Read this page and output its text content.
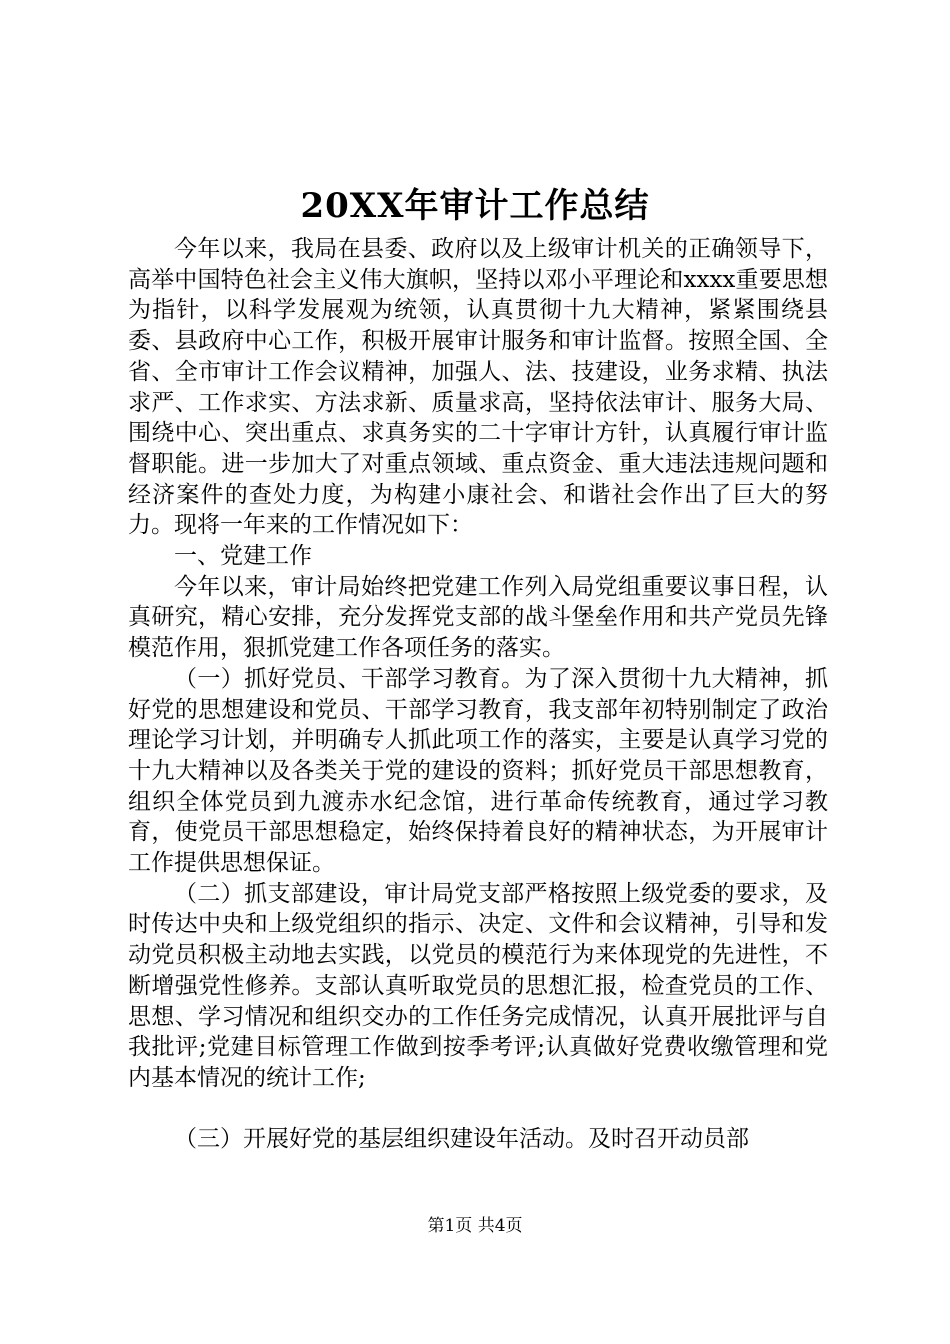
20XX年审计工作总结

今年以来，我局在县委、政府以及上级审计机关的正确领导下，高举中国特色社会主义伟大旗帜，坚持以邓小平理论和xxxx重要思想为指针，以科学发展观为统领，认真贯彻十九大精神，紧紧围绕县委、县政府中心工作，积极开展审计服务和审计监督。按照全国、全省、全市审计工作会议精神，加强人、法、技建设，业务求精、执法求严、工作求实、方法求新、质量求高，坚持依法审计、服务大局、围绕中心、突出重点、求真务实的二十字审计方针，认真履行审计监督职能。进一步加大了对重点领域、重点资金、重大违法违规问题和经济案件的查处力度，为构建小康社会、和谐社会作出了巨大的努力。现将一年来的工作情况如下：

一、党建工作

今年以来，审计局始终把党建工作列入局党组重要议事日程，认真研究，精心安排，充分发挥党支部的战斗堡垒作用和共产党员先锋模范作用，狠抓党建工作各项任务的落实。

（一）抓好党员、干部学习教育。为了深入贯彻十九大精神，抓好党的思想建设和党员、干部学习教育，我支部年初特别制定了政治理论学习计划，并明确专人抓此项工作的落实，主要是认真学习党的十九大精神以及各类关于党的建设的资料；抓好党员干部思想教育，组织全体党员到九渡赤水纪念馆，进行革命传统教育，通过学习教育，使党员干部思想稳定，始终保持着良好的精神状态，为开展审计工作提供思想保证。

（二）抓支部建设，审计局党支部严格按照上级党委的要求，及时传达中央和上级党组织的指示、决定、文件和会议精神，引导和发动党员积极主动地去实践，以党员的模范行为来体现党的先进性，不断增强党性修养。支部认真听取党员的思想汇报，检查党员的工作、思想、学习情况和组织交办的工作任务完成情况，认真开展批评与自我批评;党建目标管理工作做到按季考评;认真做好党费收缴管理和党内基本情况的统计工作;

（三）开展好党的基层组织建设年活动。及时召开动员部

第1页 共4页
